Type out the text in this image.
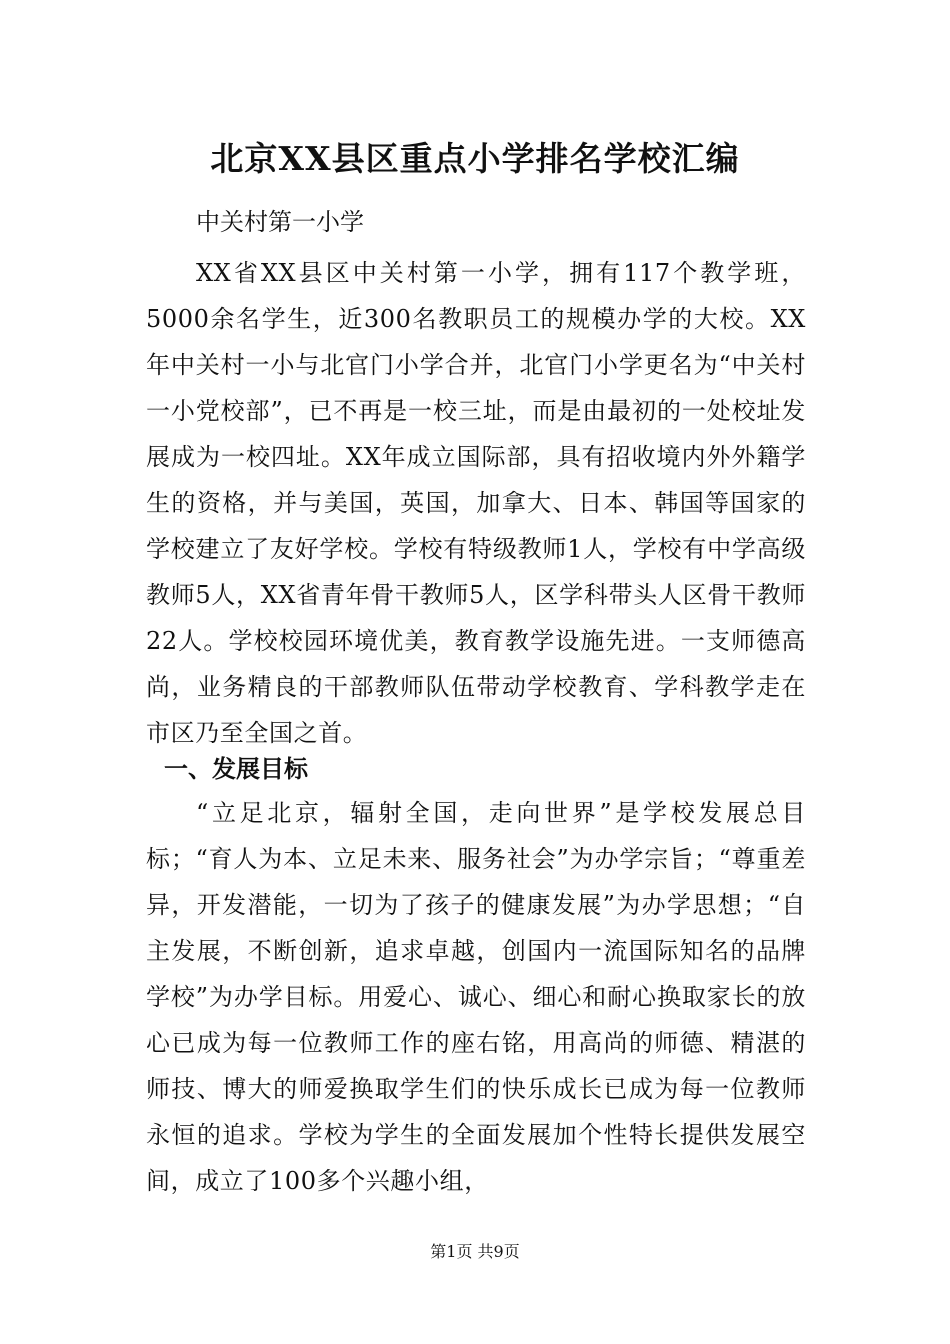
北京XX县区重点小学排名学校汇编
中关村第一小学

XX省XX县区中关村第一小学，拥有117个教学班，5000余名学生，近300名教职员工的规模办学的大校。XX年中关村一小与北官门小学合并，北官门小学更名为“中关村一小党校部”，已不再是一校三址，而是由最初的一处校址发展成为一校四址。XX年成立国际部，具有招收境内外外籍学生的资格，并与美国，英国，加拿大、日本、韩国等国家的学校建立了友好学校。学校有特级教师1人，学校有中学高级教师5人，XX省青年骨干教师5人，区学科带头人区骨干教师22人。学校校园环境优美，教育教学设施先进。一支师德高尚，业务精良的干部教师队伍带动学校教育、学科教学走在市区乃至全国之首。

一、发展目标

“立足北京，辐射全国，走向世界”是学校发展总目标；“育人为本、立足未来、服务社会”为办学宗旨；“尊重差异，开发潜能，一切为了孩子的健康发展”为办学思想；“自主发展，不断创新，追求卓越，创国内一流国际知名的品牌学校”为办学目标。用爱心、诚心、细心和耐心换取家长的放心已成为每一位教师工作的座右铭，用高尚的师德、精湛的师技、博大的师爱换取学生们的快乐成长已成为每一位教师永恒的追求。学校为学生的全面发展加个性特长提供发展空间，成立了100多个兴趣小组，

第1页 共9页
